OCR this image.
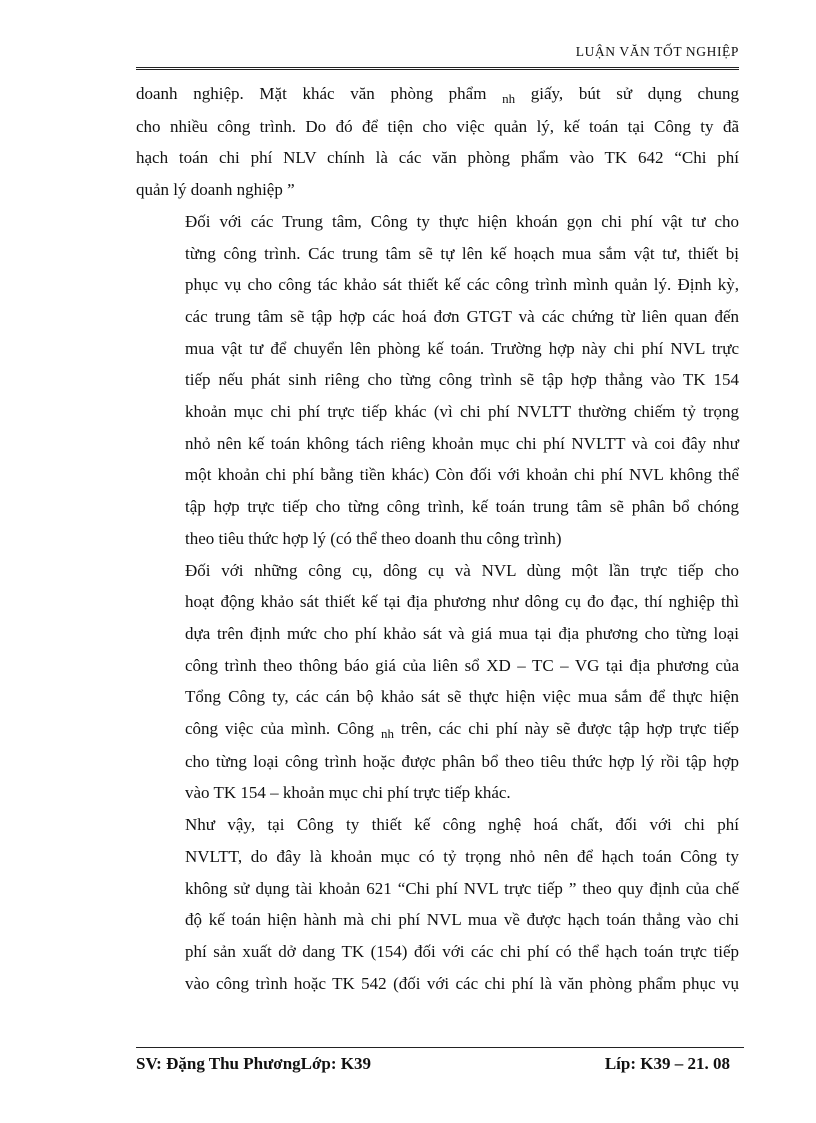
LUẬN VĂN TỐT NGHIỆP
doanh nghiệp. Mặt khác văn phòng phẩm $_{nh}$ giấy, bút sử dụng chung
cho nhiều công trình. Do đó để tiện cho việc quản lý, kế toán tại Công ty đã
hạch toán chi phí NLV chính là các văn phòng phẩm vào TK 642 “Chi phí
quản lý doanh nghiệp ”
Đối với các Trung tâm, Công ty thực hiện khoán gọn chi phí vật tư cho
từng công trình. Các trung tâm sẽ tự lên kế hoạch mua sắm vật tư, thiết bị
phục vụ cho công tác khảo sát thiết kế các công trình mình quản lý. Định kỳ,
các trung tâm sẽ tập hợp các hoá đơn GTGT và các chứng từ liên quan đến
mua vật tư để chuyển lên phòng kế toán. Trường hợp này chi phí NVL trực
tiếp nếu phát sinh riêng cho từng công trình sẽ tập hợp thẳng vào TK 154
khoản mục chi phí trực tiếp khác (vì chi phí NVLTT thường chiếm tỷ trọng
nhỏ nên kế toán không tách riêng khoản mục chi phí NVLTT và coi đây như
một khoản chi phí bằng tiền khác) Còn đối với khoản chi phí NVL không thể
tập hợp trực tiếp cho từng công trình, kế toán trung tâm sẽ phân bổ chóng
theo tiêu thức hợp lý (có thể theo doanh thu công trình)
Đối với những công cụ, dông cụ và NVL dùng một lần trực tiếp cho
hoạt động khảo sát thiết kế tại địa phương như dông cụ đo đạc, thí nghiệp thì
dựa trên định mức cho phí khảo sát và giá mua tại địa phương cho từng loại
công trình theo thông báo giá của liên sổ XD – TC – VG tại địa phương của
Tổng Công ty, các cán bộ khảo sát sẽ thực hiện việc mua sắm để thực hiện
công việc của mình. Công $_{nh}$ trên, các chi phí này sẽ được tập hợp trực tiếp
cho từng loại công trình hoặc được phân bổ theo tiêu thức hợp lý rồi tập hợp
vào TK 154 – khoản mục chi phí trực tiếp khác.
Như vậy, tại Công ty thiết kế công nghệ hoá chất, đối với chi phí
NVLTT, do đây là khoản mục có tỷ trọng nhỏ nên để hạch toán Công ty
không sử dụng tài khoản 621 “Chi phí NVL trực tiếp ” theo quy định của chế
độ kế toán hiện hành mà chi phí NVL mua về được hạch toán thẳng vào chi
phí sản xuất dở dang TK (154) đối với các chi phí có thể hạch toán trực tiếp
vào công trình hoặc TK 542 (đối với các chi phí là văn phòng phẩm phục vụ
SV: Đặng Thu PhươngLớp: K39	Líp: K39 – 21. 08
